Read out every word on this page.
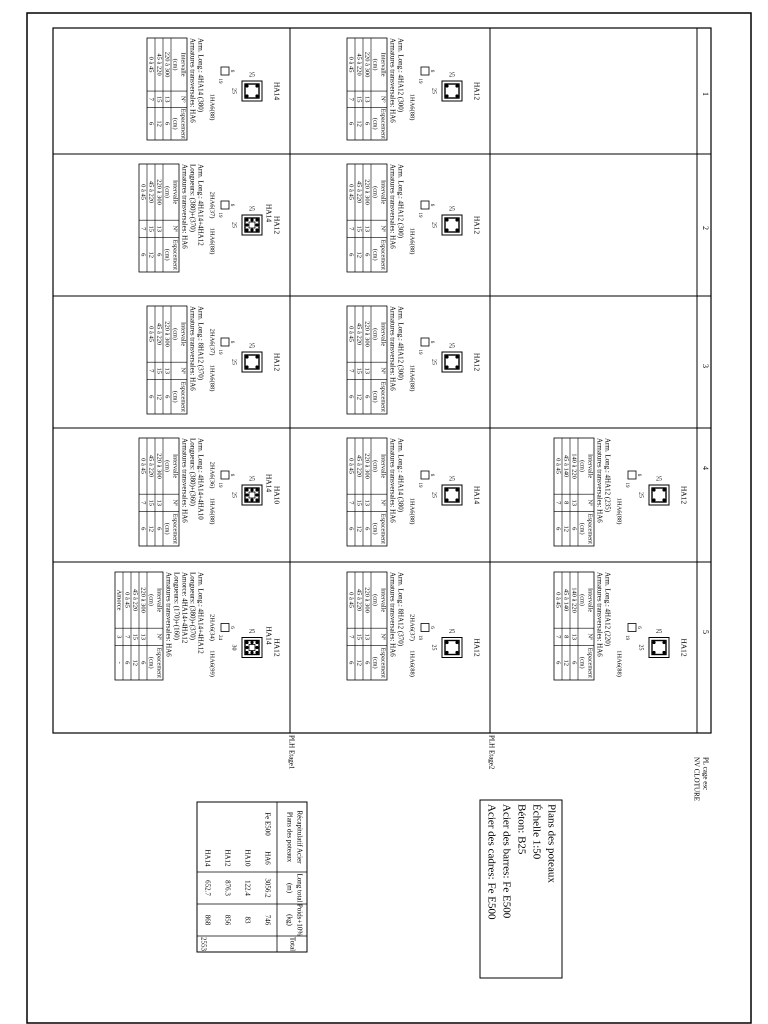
1
2
3
4
5
PL cage esc
NV CLOTURE
PLH Etage2
PLH Etage1
25
25
HA12
19
6
1HA6(88)
Arm. Long.: 4HA12 (235)
Armatures transversales: HA6
Intervalle
Nº
Espacement
(cm)
(cm)
140 à 220
13
6
45 à 140
8
12
0 à 45
7
6
25
25
HA12
19
6
1HA6(88)
Arm. Long.: 4HA12 (220)
Armatures transversales: HA6
Intervalle
Nº
Espacement
(cm)
(cm)
140 à 220
13
6
45 à 140
8
12
0 à 45
7
6
25
25
HA12
19
6
1HA6(88)
Arm. Long.: 4HA12 (300)
Armatures transversales: HA6
Intervalle
Nº
Espacement
(cm)
(cm)
220 à 300
13
6
45 à 220
15
12
0 à 45
7
6
25
25
HA12
19
6
1HA6(88)
Arm. Long.: 4HA12 (300)
Armatures transversales: HA6
Intervalle
Nº
Espacement
(cm)
(cm)
220 à 300
13
6
45 à 220
15
12
0 à 45
7
6
25
25
HA12
19
6
1HA6(88)
Arm. Long.: 4HA12 (300)
Armatures transversales: HA6
Intervalle
Nº
Espacement
(cm)
(cm)
220 à 300
13
6
45 à 220
15
12
0 à 45
7
6
25
25
HA14
19
6
1HA6(88)
Arm. Long.: 4HA14 (380)
Armatures transversales: HA6
Intervalle
Nº
Espacement
(cm)
(cm)
220 à 300
13
6
45 à 220
15
12
0 à 45
7
6
25
25
HA12
19
6
1HA6(88)
2HA6(37)
Arm. Long.: 8HA12 (370)
Armatures transversales: HA6
Intervalle
Nº
Espacement
(cm)
(cm)
220 à 300
13
6
45 à 220
15
12
0 à 45
7
6
25
25
HA14
19
6
1HA6(88)
Arm. Long.: 4HA14 (380)
Armatures transversales: HA6
Intervalle
Nº
Espacement
(cm)
(cm)
220 à 300
13
6
45 à 220
15
12
0 à 45
7
6
25
25
HA12
HA14
19
6
1HA6(88)
2HA6(37)
Arm. Long.: 4HA14+4HA12
Longueurs: (380)+(370)
Armatures transversales: HA6
Intervalle
Nº
Espacement
(cm)
(cm)
220 à 300
13
6
45 à 220
15
12
0 à 45
7
6
25
25
HA12
19
6
1HA6(88)
2HA6(37)
Arm. Long.: 8HA12 (370)
Armatures transversales: HA6
Intervalle
Nº
Espacement
(cm)
(cm)
220 à 300
13
6
45 à 220
15
12
0 à 45
7
6
25
25
HA10
HA14
19
6
1HA6(88)
2HA6(36)
Arm. Long.: 4HA14+4HA10
Longueurs: (380)+(360)
Armatures transversales: HA6
Intervalle
Nº
Espacement
(cm)
(cm)
220 à 300
13
6
45 à 220
15
12
0 à 45
7
6
30
25
HA12
HA14
24
6
1HA6(99)
2HA6(34)
Arm. Long.: 4HA14+4HA12
Longueurs: (380)+(370)
Amorce: 4HA14+4HA12
Longueurs: (170)+(160)
Armatures transversales: HA6
Intervalle
Nº
Espacement
(cm)
(cm)
220 à 300
13
6
45 à 220
15
12
0 à 45
7
6
Amorce
3
-
Plans des poteaux
Échelle 1:50
Béton: B25
Acier des barres: Fe E500
Acier des cadres: Fe E500
Récapitulatif Acier
Plans des poteaux
Long total
(m)
Poids+10%
(kg)
Total
Fe E500
HA6
3056.2
746
HA10
122.4
83
HA12
876.3
856
HA14
652.7
868
2553
